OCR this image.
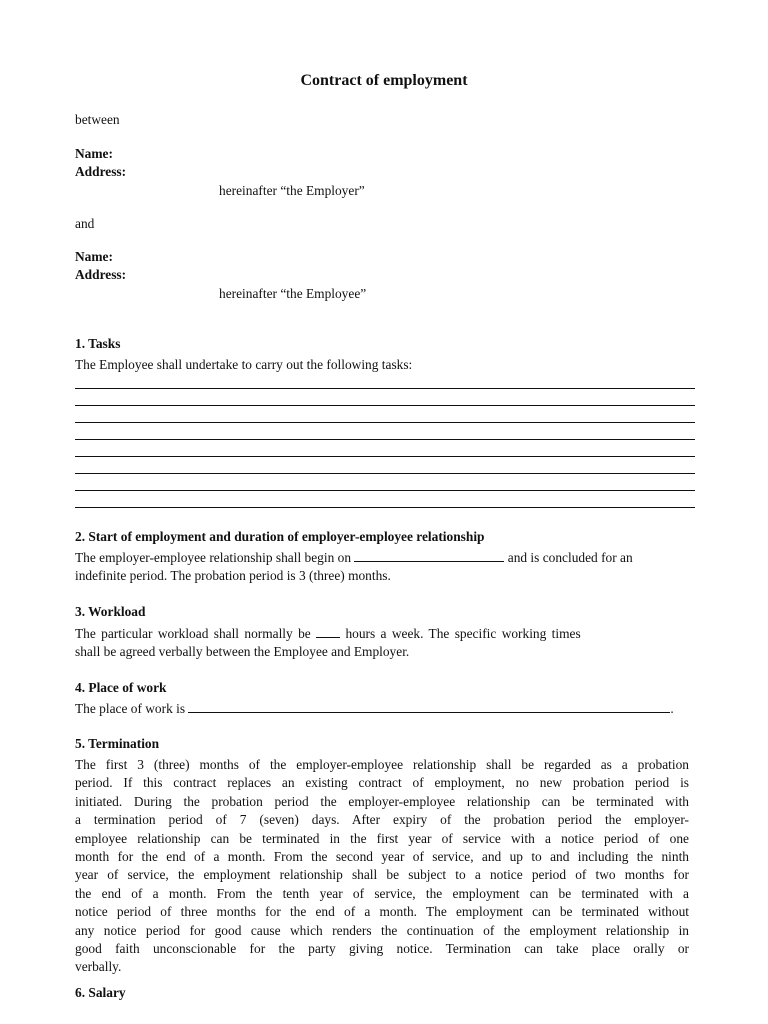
Contract of employment
between
Name:
Address:
hereinafter “the Employer”
and
Name:
Address:
hereinafter “the Employee”
1. Tasks
The Employee shall undertake to carry out the following tasks:
2. Start of employment and duration of employer-employee relationship
The employer-employee relationship shall begin on	and is concluded for an
indefinite period. The probation period is 3 (three) months.
3. Workload
The particular workload shall normally be	hours a week. The specific working times
shall be agreed verbally between the Employee and Employer.
4. Place of work
The place of work is	.
5. Termination
The first 3 (three) months of the employer-employee relationship shall be regarded as a probation
period. If this contract replaces an existing contract of employment, no new probation period is
initiated. During the probation period the employer-employee relationship can be terminated with
a termination period of 7 (seven) days. After expiry of the probation period the employer-
employee relationship can be terminated in the first year of service with a notice period of one
month for the end of a month. From the second year of service, and up to and including the ninth
year of service, the employment relationship shall be subject to a notice period of two months for
the end of a month. From the tenth year of service, the employment can be terminated with a
notice period of three months for the end of a month. The employment can be terminated without
any notice period for good cause which renders the continuation of the employment relationship in
good faith unconscionable for the party giving notice. Termination can take place orally or
verbally.
6. Salary
